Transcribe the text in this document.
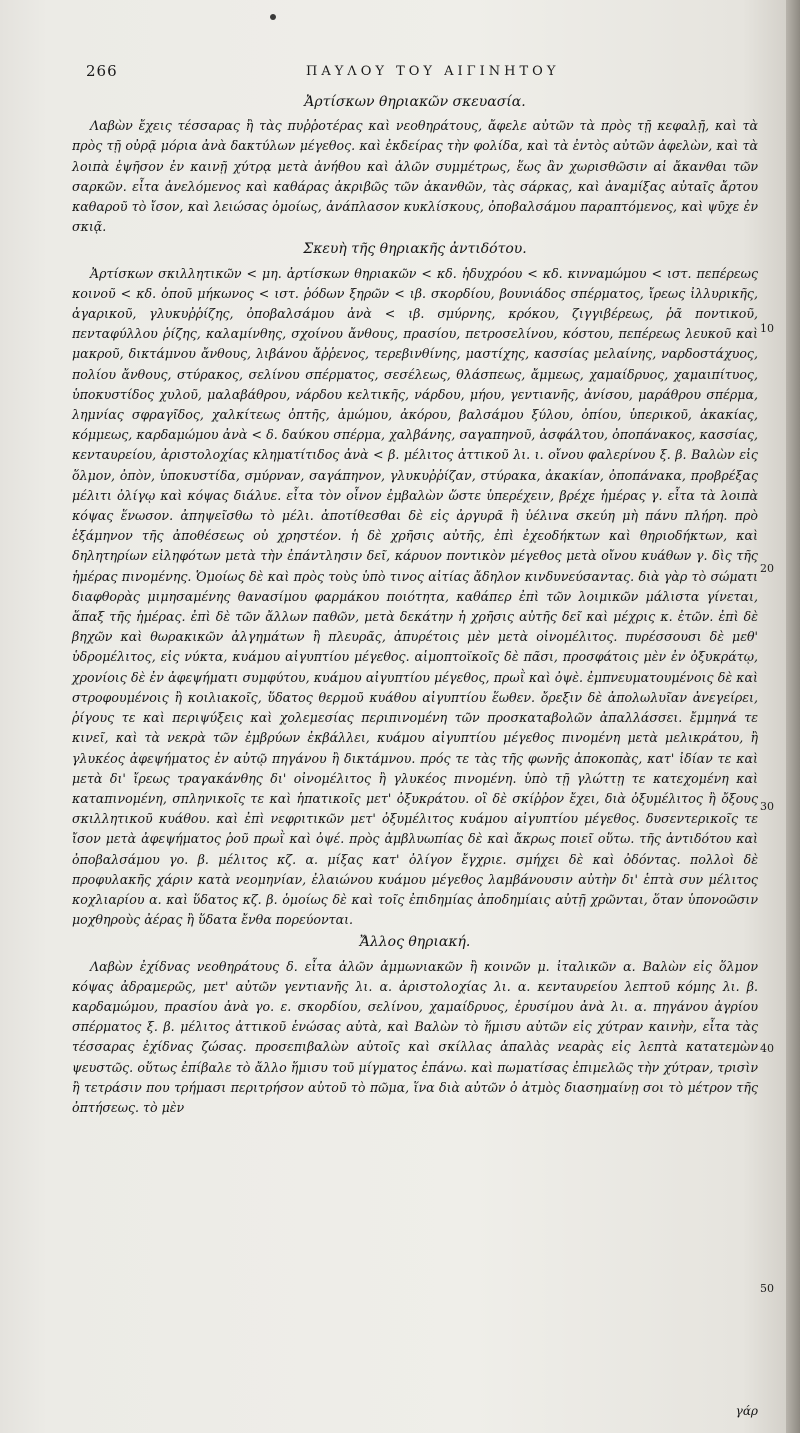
266	ΠΑΥΛΟΥ ΤΟΥ ΑΙΓΙΝΗΤΟΥ
Ἀρτίσκων θηριακῶν σκευασία.

Λαβὼν ἔχεις τέσσαρας ἢ τὰς πυῤῥοτέρας καὶ νεοθηράτους, ἄφελε αὐτῶν τὰ πρὸς τῇ κεφαλῇ, καὶ τὰ πρὸς τῇ οὐρᾷ μόρια ἀνὰ δακτύλων μέγεθος. καὶ ἐκδείρας τὴν φολίδα, καὶ τὰ ἐντὸς αὐτῶν ἀφελὼν, καὶ τὰ λοιπὰ ἑψῆσον ἐν καινῇ χύτρᾳ μετὰ ἀνήθου καὶ ἁλῶν συμμέτρως, ἕως ἂν χωρισθῶσιν αἱ ἄκανθαι τῶν σαρκῶν. εἶτα ἀνελόμενος καὶ καθάρας ἀκριβῶς τῶν ἀκανθῶν, τὰς σάρκας, καὶ ἀναμίξας αὐταῖς ἄρτου καθαροῦ τὸ ἴσον, καὶ λειώσας ὁμοίως, ἀνάπλασον κυκλίσκους, ὀποβαλσάμου παραπτόμενος, καὶ ψῦχε ἐν σκιᾷ.

Σκευὴ τῆς θηριακῆς ἀντιδότου.

Ἀρτίσκων σκιλλητικῶν < μη. ἀρτίσκων θηριακῶν < κδ. ἡδυχρόου < κδ. κινναμώμου < ιστ. πεπέρεως κοινοῦ < κδ. ὀποῦ μήκωνος < ιστ. ῥόδων ξηρῶν < ιβ. σκορδίου, βουνιάδος σπέρματος, ἴρεως ἰλλυρικῆς, ἀγαρικοῦ, γλυκυῤῥίζης, ὀποβαλσάμου ἀνὰ < ιβ. σμύρνης, κρόκου, ζιγγιβέρεως, ῥᾶ ποντικοῦ, πενταφύλλου ῥίζης, καλαμίνθης, σχοίνου ἄνθους, πρασίου, πετροσελίνου, κόστου, πεπέρεως λευκοῦ καὶ μακροῦ, δικτάμνου ἄνθους, λιβάνου ἄῤῥενος, τερεβινθίνης, μαστίχης, κασσίας μελαίνης, ναρδοστάχυος, πολίου ἄνθους, στύρακος, σελίνου σπέρματος, σεσέλεως, θλάσπεως, ἄμμεως, χαμαίδρυος, χαμαιπίτυος, ὑποκυστίδος χυλοῦ, μαλαβάθρου, νάρδου κελτικῆς, νάρδου, μήου, γεντιανῆς, ἀνίσου, μαράθρου σπέρμα, λημνίας σφραγῖδος, χαλκίτεως ὀπτῆς, ἀμώμου, ἀκόρου, βαλσάμου ξύλου, ὀπίου, ὑπερικοῦ, ἀκακίας, κόμμεως, καρδαμώμου ἀνὰ < δ. δαύκου σπέρμα, χαλβάνης, σαγαπηνοῦ, ἀσφάλτου, ὀποπάνακος, κασσίας, κενταυρείου, ἀριστολοχίας κληματίτιδος ἀνὰ < β. μέλιτος ἀττικοῦ λι. ι. οἴνου φαλερίνου ξ. β. Βαλὼν εἰς ὅλμον, ὀπὸν, ὑποκυστίδα, σμύρναν, σαγάπηνον, γλυκυῤῥίζαν, στύρακα, ἀκακίαν, ὀποπάνακα, προβρέξας μέλιτι ὀλίγῳ καὶ κόψας διάλυε. εἶτα τὸν οἶνον ἐμβαλὼν ὥστε ὑπερέχειν, βρέχε ἡμέρας γ. εἶτα τὰ λοιπὰ κόψας ἕνωσον. ἀπηψεῖσθω τὸ μέλι. ἀποτίθεσθαι δὲ εἰς ἀργυρᾶ ἢ ὑέλινα σκεύη μὴ πάνυ πλήρη. πρὸ ἑξάμηνον τῆς ἀποθέσεως οὐ χρηστέον. ἡ δὲ χρῆσις αὐτῆς, ἐπὶ ἐχεοδήκτων καὶ θηριοδήκτων, καὶ δηλητηρίων εἰληφότων μετὰ τὴν ἐπάντλησιν δεῖ, κάρυον ποντικὸν μέγεθος μετὰ οἴνου κυάθων γ. δὶς τῆς ἡμέρας πινομένης. Ὁμοίως δὲ καὶ πρὸς τοὺς ὑπὸ τινος αἰτίας ἄδηλον κινδυνεύσαντας. διὰ γὰρ τὸ σώματι διαφθορὰς μιμησαμένης θανασίμου φαρμάκου ποιότητα, καθάπερ ἐπὶ τῶν λοιμικῶν μάλιστα γίνεται, ἅπαξ τῆς ἡμέρας. ἐπὶ δὲ τῶν ἄλλων παθῶν, μετὰ δεκάτην ἡ χρῆσις αὐτῆς δεῖ καὶ μέχρις κ. ἐτῶν. ἐπὶ δὲ βηχῶν καὶ θωρακικῶν ἀλγημάτων ἢ πλευρᾶς, ἀπυρέτοις μὲν μετὰ οἰνομέλιτος. πυρέσσουσι δὲ μεθ' ὑδρομέλιτος, εἰς νύκτα, κυάμου αἰγυπτίου μέγεθος. αἱμοπτοϊκοῖς δὲ πᾶσι, προσφάτοις μὲν ἐν ὀξυκράτῳ, χρονίοις δὲ ἐν ἀφεψήματι συμφύτου, κυάμου αἰγυπτίου μέγεθος, πρωῒ καὶ ὀψὲ. ἐμπνευματουμένοις δὲ καὶ στροφουμένοις ἢ κοιλιακοῖς, ὕδατος θερμοῦ κυάθου αἰγυπτίου ἕωθεν. ὄρεξιν δὲ ἀπολωλυῖαν ἀνεγείρει, ῥίγους τε καὶ περιψύξεις καὶ χολεμεσίας περιπινομένη τῶν προσκαταβολῶν ἀπαλλάσσει. ἔμμηνά τε κινεῖ, καὶ τὰ νεκρὰ τῶν ἐμβρύων ἐκβάλλει, κυάμου αἰγυπτίου μέγεθος πινομένη μετὰ μελικράτου, ἢ γλυκέος ἀφεψήματος ἐν αὐτῷ πηγάνου ἢ δικτάμνου. πρός τε τὰς τῆς φωνῆς ἀποκοπὰς, κατ' ἰδίαν τε καὶ μετὰ δι' ἴρεως τραγακάνθης δι' οἰνομέλιτος ἢ γλυκέος πινομένη. ὑπὸ τῇ γλώττῃ τε κατεχομένη καὶ καταπινομένη, σπληνικοῖς τε καὶ ἡπατικοῖς μετ' ὀξυκράτου. οἳ δὲ σκίῤῥον ἔχει, διὰ ὀξυμέλιτος ἢ ὄξους σκιλλητικοῦ κυάθου. καὶ ἐπὶ νεφριτικῶν μετ' ὀξυμέλιτος κυάμου αἰγυπτίου μέγεθος. δυσεντερικοῖς τε ἴσον μετὰ ἀφεψήματος ῥοῦ πρωῒ καὶ ὀψέ. πρὸς ἀμβλυωπίας δὲ καὶ ἄκρως ποιεῖ οὕτω. τῆς ἀντιδότου καὶ ὀποβαλσάμου γο. β. μέλιτος κζ. α. μίξας κατ' ὀλίγον ἔγχριε. σμήχει δὲ καὶ ὀδόντας. πολλοὶ δὲ προφυλακῆς χάριν κατὰ νεομηνίαν, ἐλαιώνου κυάμου μέγεθος λαμβάνουσιν αὐτὴν δι' ἑπτὰ συν μέλιτος κοχλιαρίου α. καὶ ὕδατος κζ. β. ὁμοίως δὲ καὶ τοῖς ἐπιδημίας ἀποδημίαις αὐτῇ χρῶνται, ὅταν ὑπονοῶσιν μοχθηροὺς ἀέρας ἢ ὕδατα ἔνθα πορεύονται.

Ἄλλος θηριακή.

Λαβὼν ἐχίδνας νεοθηράτους δ. εἶτα ἁλῶν ἀμμωνιακῶν ἢ κοινῶν μ. ἰταλικῶν α. Βαλὼν εἰς ὅλμον κόψας ἀδραμερῶς, μετ' αὐτῶν γεντιανῆς λι. α. ἀριστολοχίας λι. α. κενταυρείου λεπτοῦ κόμης λι. β. καρδαμώμου, πρασίου ἀνὰ γο. ε. σκορδίου, σελίνου, χαμαίδρυος, ἐρυσίμου ἀνὰ λι. α. πηγάνου ἀγρίου σπέρματος ξ. β. μέλιτος ἀττικοῦ ἑνώσας αὐτὰ, καὶ Βαλὼν τὸ ἥμισυ αὐτῶν εἰς χύτραν καινὴν, εἶτα τὰς τέσσαρας ἐχίδνας ζώσας. προσεπιβαλὼν αὐτοῖς καὶ σκίλλας ἁπαλὰς νεαρὰς εἰς λεπτὰ κατατεμὼν ψευστῶς. οὕτως ἐπίβαλε τὸ ἄλλο ἥμισυ τοῦ μίγματος ἐπάνω. καὶ πωματίσας ἐπιμελῶς τὴν χύτραν, τρισὶν ἢ τετράσιν που τρήμασι περιτρήσον αὐτοῦ τὸ πῶμα, ἵνα διὰ αὐτῶν ὁ ἀτμὸς διασημαίνῃ σοι τὸ μέτρον τῆς ὀπτήσεως. τὸ μὲν

10
20
30
40
50
γάρ
